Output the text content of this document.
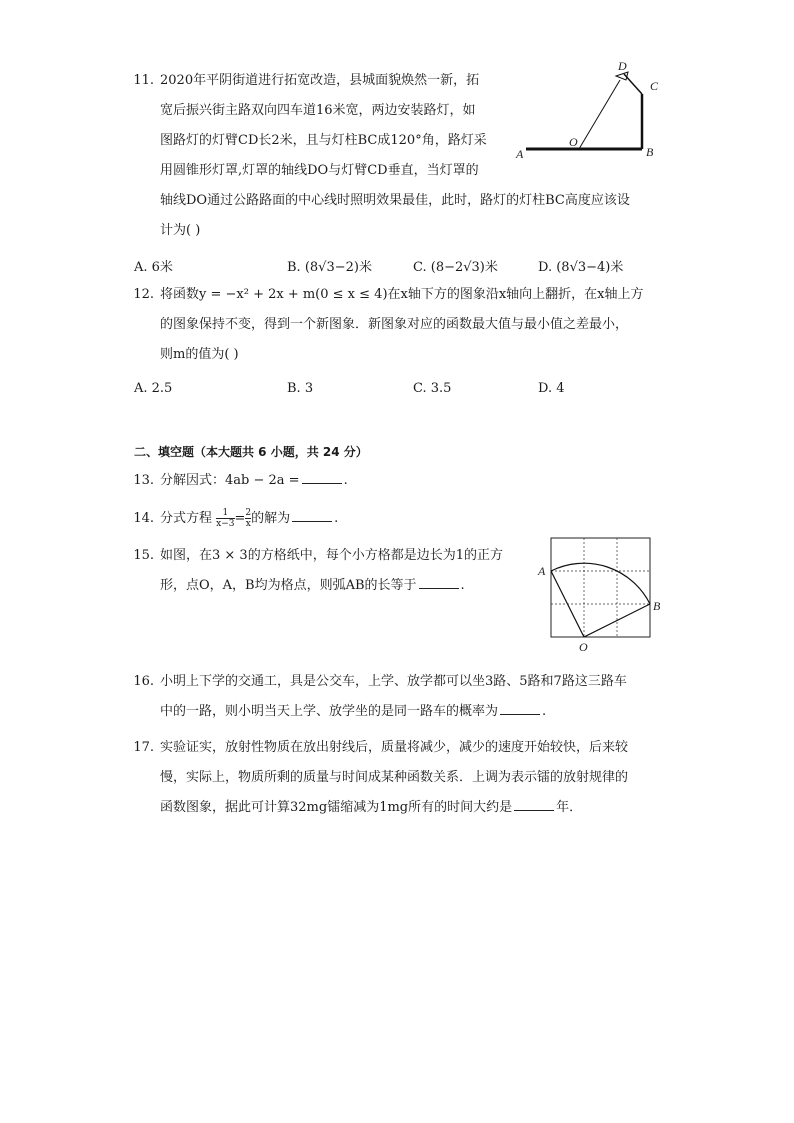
11. 2020年平阴街道进行拓宽改造，县城面貌焕然一新，拓
宽后振兴街主路双向四车道16米宽，两边安装路灯，如
图路灯的灯臂CD长2米，且与灯柱BC成120°角，路灯采
用圆锥形灯罩,灯罩的轴线DO与灯臂CD垂直，当灯罩的
轴线DO通过公路路面的中心线时照明效果最佳，此时，路灯的灯柱BC高度应该设
计为( )
D
C
O
A	B
A. 6米	B. (8√3−2)米	C. (8−2√3)米	D. (8√3−4)米
12. 将函数y = −x² + 2x + m(0 ≤ x ≤ 4)在x轴下方的图象沿x轴向上翻折，在x轴上方
的图象保持不变，得到一个新图象．新图象对应的函数最大值与最小值之差最小，
则m的值为( )
A. 2.5	B. 3	C. 3.5	D. 4
二、填空题（本大题共 6 小题，共 24 分）
13. 分解因式：4ab − 2a =	.
14. 分式方程 $\frac{1}{x-3} = \frac{2}{x}$ 的解为	.
15. 如图，在3 × 3的方格纸中，每个小方格都是边长为1的正方
形，点O，A，B均为格点，则弧AB的长等于	.
A
B
O
16. 小明上下学的交通工，具是公交车，上学、放学都可以坐3路、5路和7路这三路车
中的一路，则小明当天上学、放学坐的是同一路车的概率为	.
17. 实验证实，放射性物质在放出射线后，质量将减少，减少的速度开始较快，后来较
慢，实际上，物质所剩的质量与时间成某种函数关系．上调为表示镭的放射规律的
函数图象，据此可计算32mg镭缩减为1mg所有的时间大约是	年．
